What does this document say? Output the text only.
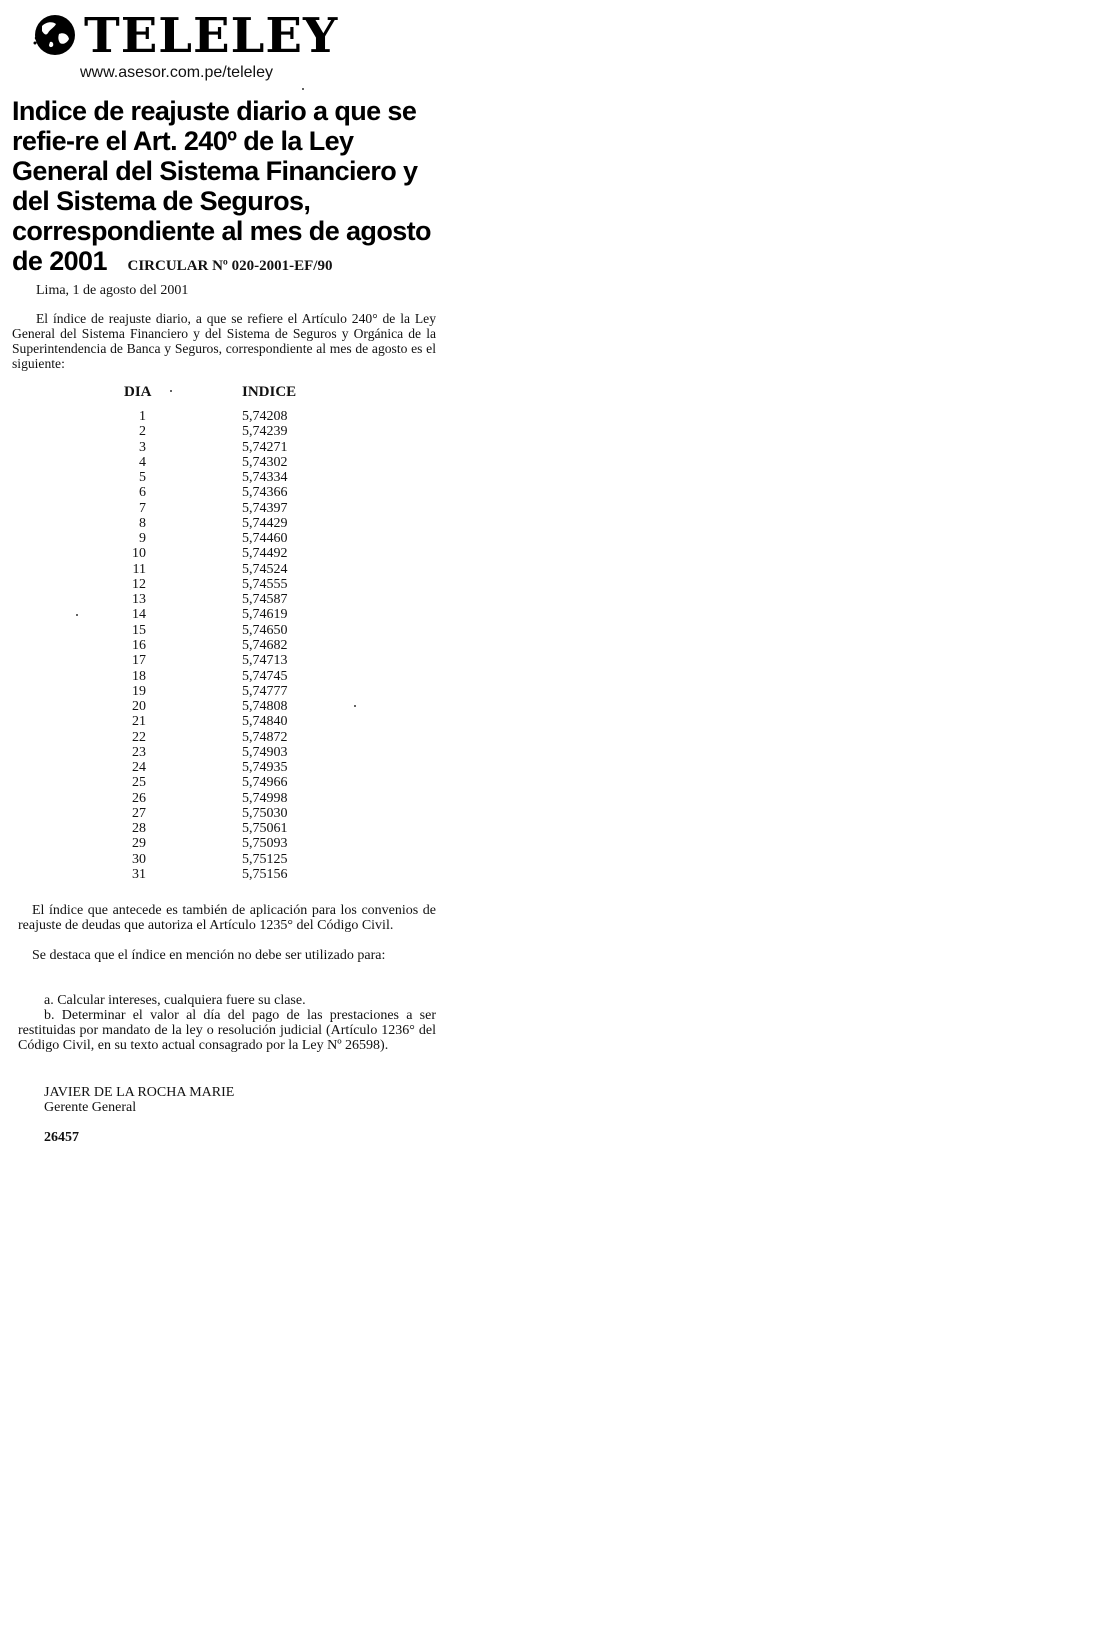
TELELEY
www.asesor.com.pe/teleley
Indice de reajuste diario a que se refie-re el Art. 240º de la Ley General del Sistema Financiero y del Sistema de Seguros, correspondiente al mes de agosto de 2001	CIRCULAR Nº 020-2001-EF/90
Lima, 1 de agosto del 2001

El índice de reajuste diario, a que se refiere el Artículo 240° de la Ley General del Sistema Financiero y del Sistema de Seguros y Orgánica de la Superintendencia de Banca y Seguros, correspondiente al mes de agosto es el siguiente:

DIA	INDICE
1	5,74208
2	5,74239
3	5,74271
4	5,74302
5	5,74334
6	5,74366
7	5,74397
8	5,74429
9	5,74460
10	5,74492
11	5,74524
12	5,74555
13	5,74587
14	5,74619
15	5,74650
16	5,74682
17	5,74713
18	5,74745
19	5,74777
20	5,74808
21	5,74840
22	5,74872
23	5,74903
24	5,74935
25	5,74966
26	5,74998
27	5,75030
28	5,75061
29	5,75093
30	5,75125
31	5,75156

El índice que antecede es también de aplicación para los convenios de reajuste de deudas que autoriza el Artículo 1235° del Código Civil.

Se destaca que el índice en mención no debe ser utilizado para:

a. Calcular intereses, cualquiera fuere su clase.

b. Determinar el valor al día del pago de las prestaciones a ser restituidas por mandato de la ley o resolución judicial (Artículo 1236° del Código Civil, en su texto actual consagrado por la Ley Nº 26598).

JAVIER DE LA ROCHA MARIE
Gerente General
26457
